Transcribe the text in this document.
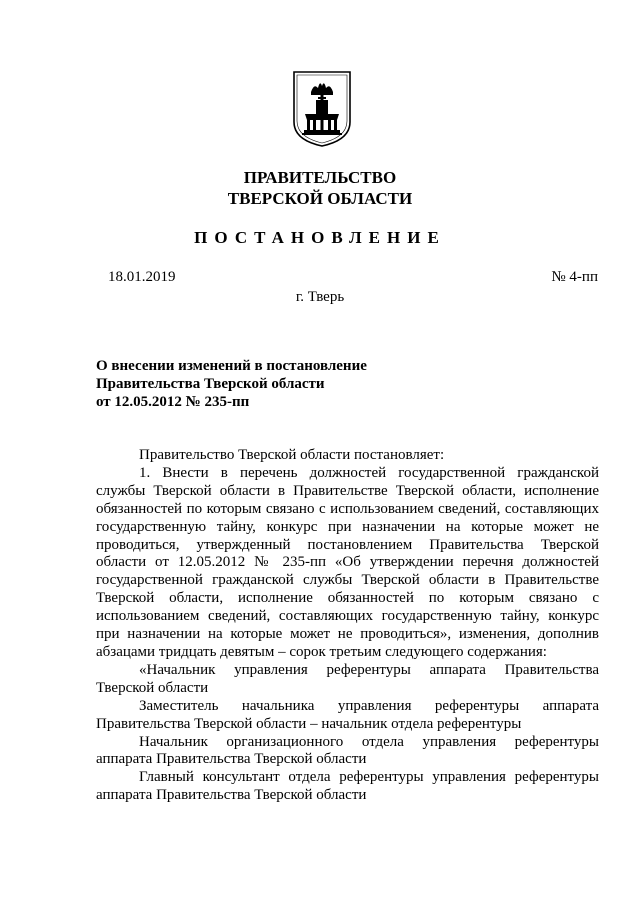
ПРАВИТЕЛЬСТВО
ТВЕРСКОЙ ОБЛАСТИ
ПОСТАНОВЛЕНИЕ
18.01.2019	№ 4-пп
г. Тверь
О внесении изменений в постановление
Правительства Тверской области
от 12.05.2012 № 235-пп

Правительство Тверской области постановляет:

1. Внести в перечень должностей государственной гражданской службы Тверской области в Правительстве Тверской области, исполнение обязанностей по которым связано с использованием сведений, составляющих государственную тайну, конкурс при назначении на которые может не проводиться, утвержденный постановлением Правительства Тверской области от 12.05.2012 № 235-пп «Об утверждении перечня должностей государственной гражданской службы Тверской области в Правительстве Тверской области, исполнение обязанностей по которым связано с использованием сведений, составляющих государственную тайну, конкурс при назначении на которые может не проводиться», изменения, дополнив абзацами тридцать девятым – сорок третьим следующего содержания:

«Начальник управления референтуры аппарата Правительства Тверской области

Заместитель начальника управления референтуры аппарата Правительства Тверской области – начальник отдела референтуры

Начальник организационного отдела управления референтуры аппарата Правительства Тверской области

Главный консультант отдела референтуры управления референтуры аппарата Правительства Тверской области
